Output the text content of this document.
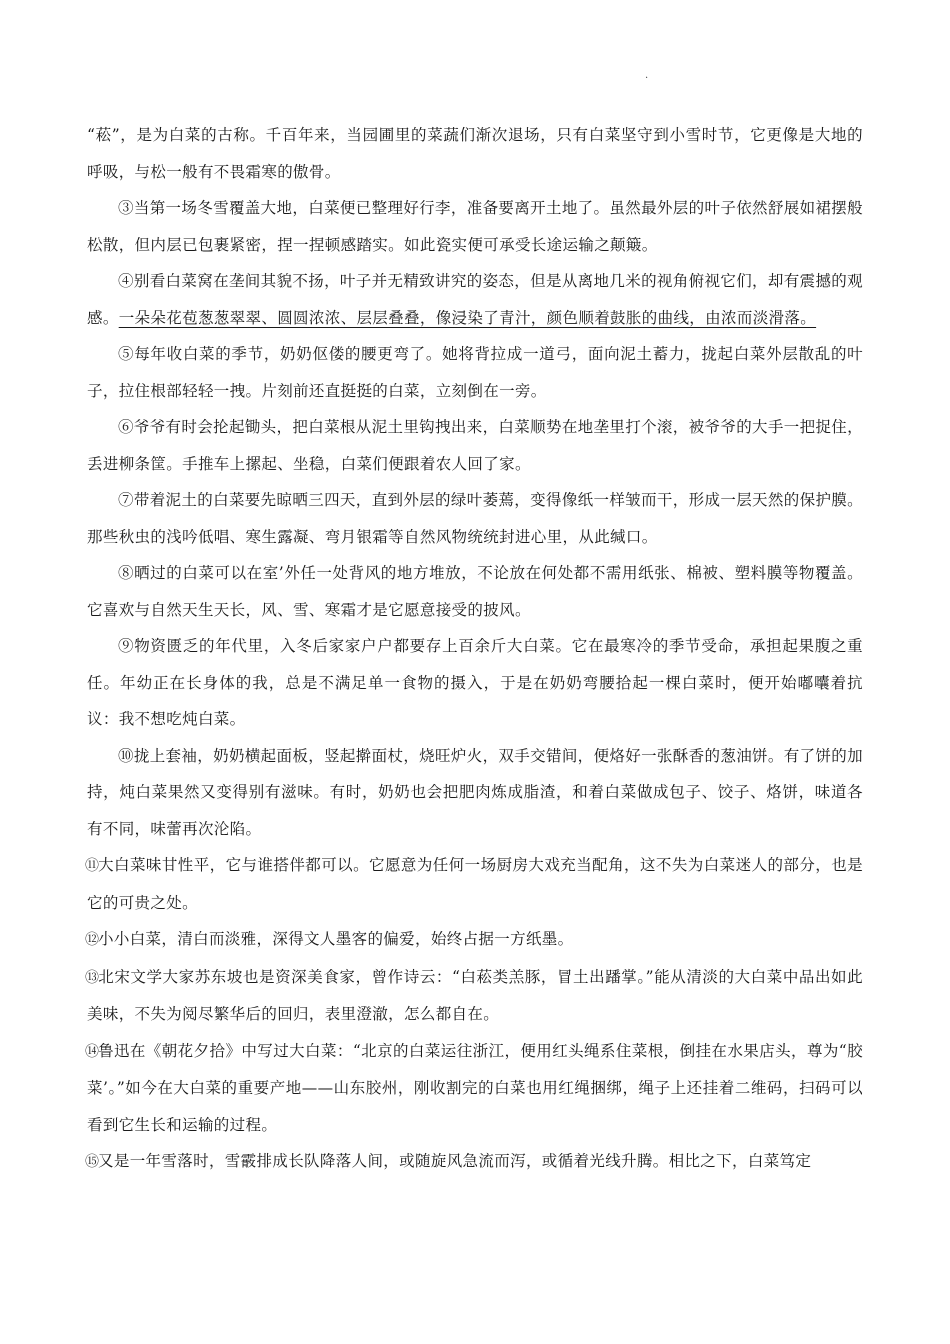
.

“菘”，是为白菜的古称。千百年来，当园圃里的菜蔬们渐次退场，只有白菜坚守到小雪时节，它更像是大地的呼吸，与松一般有不畏霜寒的傲骨。

③当第一场冬雪覆盖大地，白菜便已整理好行李，准备要离开土地了。虽然最外层的叶子依然舒展如裙摆般松散，但内层已包裹紧密，捏一捏顿感踏实。如此瓷实便可承受长途运输之颠簸。

④别看白菜窝在垄间其貌不扬，叶子并无精致讲究的姿态，但是从离地几米的视角俯视它们，却有震撼的观感。一朵朵花苞葱葱翠翠、圆圆浓浓、层层叠叠，像浸染了青汁，颜色顺着鼓胀的曲线，由浓而淡滑落。

⑤每年收白菜的季节，奶奶伛偻的腰更弯了。她将背拉成一道弓，面向泥土蓄力，拢起白菜外层散乱的叶子，拉住根部轻轻一拽。片刻前还直挺挺的白菜，立刻倒在一旁。

⑥爷爷有时会抡起锄头，把白菜根从泥土里钩拽出来，白菜顺势在地垄里打个滚，被爷爷的大手一把捉住，丢进柳条筐。手推车上摞起、坐稳，白菜们便跟着农人回了家。

⑦带着泥土的白菜要先晾晒三四天，直到外层的绿叶萎蔫，变得像纸一样皱而干，形成一层天然的保护膜。那些秋虫的浅吟低唱、寒生露凝、弯月银霜等自然风物统统封进心里，从此缄口。

⑧晒过的白菜可以在室’外任一处背风的地方堆放，不论放在何处都不需用纸张、棉被、塑料膜等物覆盖。它喜欢与自然天生天长，风、雪、寒霜才是它愿意接受的披风。

⑨物资匮乏的年代里，入冬后家家户户都要存上百余斤大白菜。它在最寒冷的季节受命，承担起果腹之重任。年幼正在长身体的我，总是不满足单一食物的摄入，于是在奶奶弯腰拾起一棵白菜时，便开始嘟囔着抗议：我不想吃炖白菜。

⑩拢上套袖，奶奶横起面板，竖起擀面杖，烧旺炉火，双手交错间，便烙好一张酥香的葱油饼。有了饼的加持，炖白菜果然又变得别有滋味。有时，奶奶也会把肥肉炼成脂渣，和着白菜做成包子、饺子、烙饼，味道各有不同，味蕾再次沦陷。

⑪大白菜味甘性平，它与谁搭伴都可以。它愿意为任何一场厨房大戏充当配角，这不失为白菜迷人的部分，也是它的可贵之处。

⑫小小白菜，清白而淡雅，深得文人墨客的偏爱，始终占据一方纸墨。

⑬北宋文学大家苏东坡也是资深美食家，曾作诗云：“白菘类羔豚，冒土出蹯掌。”能从清淡的大白菜中品出如此美味，不失为阅尽繁华后的回归，表里澄澈，怎么都自在。

⑭鲁迅在《朝花夕拾》中写过大白菜：“北京的白菜运往浙江，便用红头绳系住菜根，倒挂在水果店头，尊为“胶菜’。”如今在大白菜的重要产地——山东胶州，刚收割完的白菜也用红绳捆绑，绳子上还挂着二维码，扫码可以看到它生长和运输的过程。

⑮又是一年雪落时，雪霰排成长队降落人间，或随旋风急流而泻，或循着光线升腾。相比之下，白菜笃定
